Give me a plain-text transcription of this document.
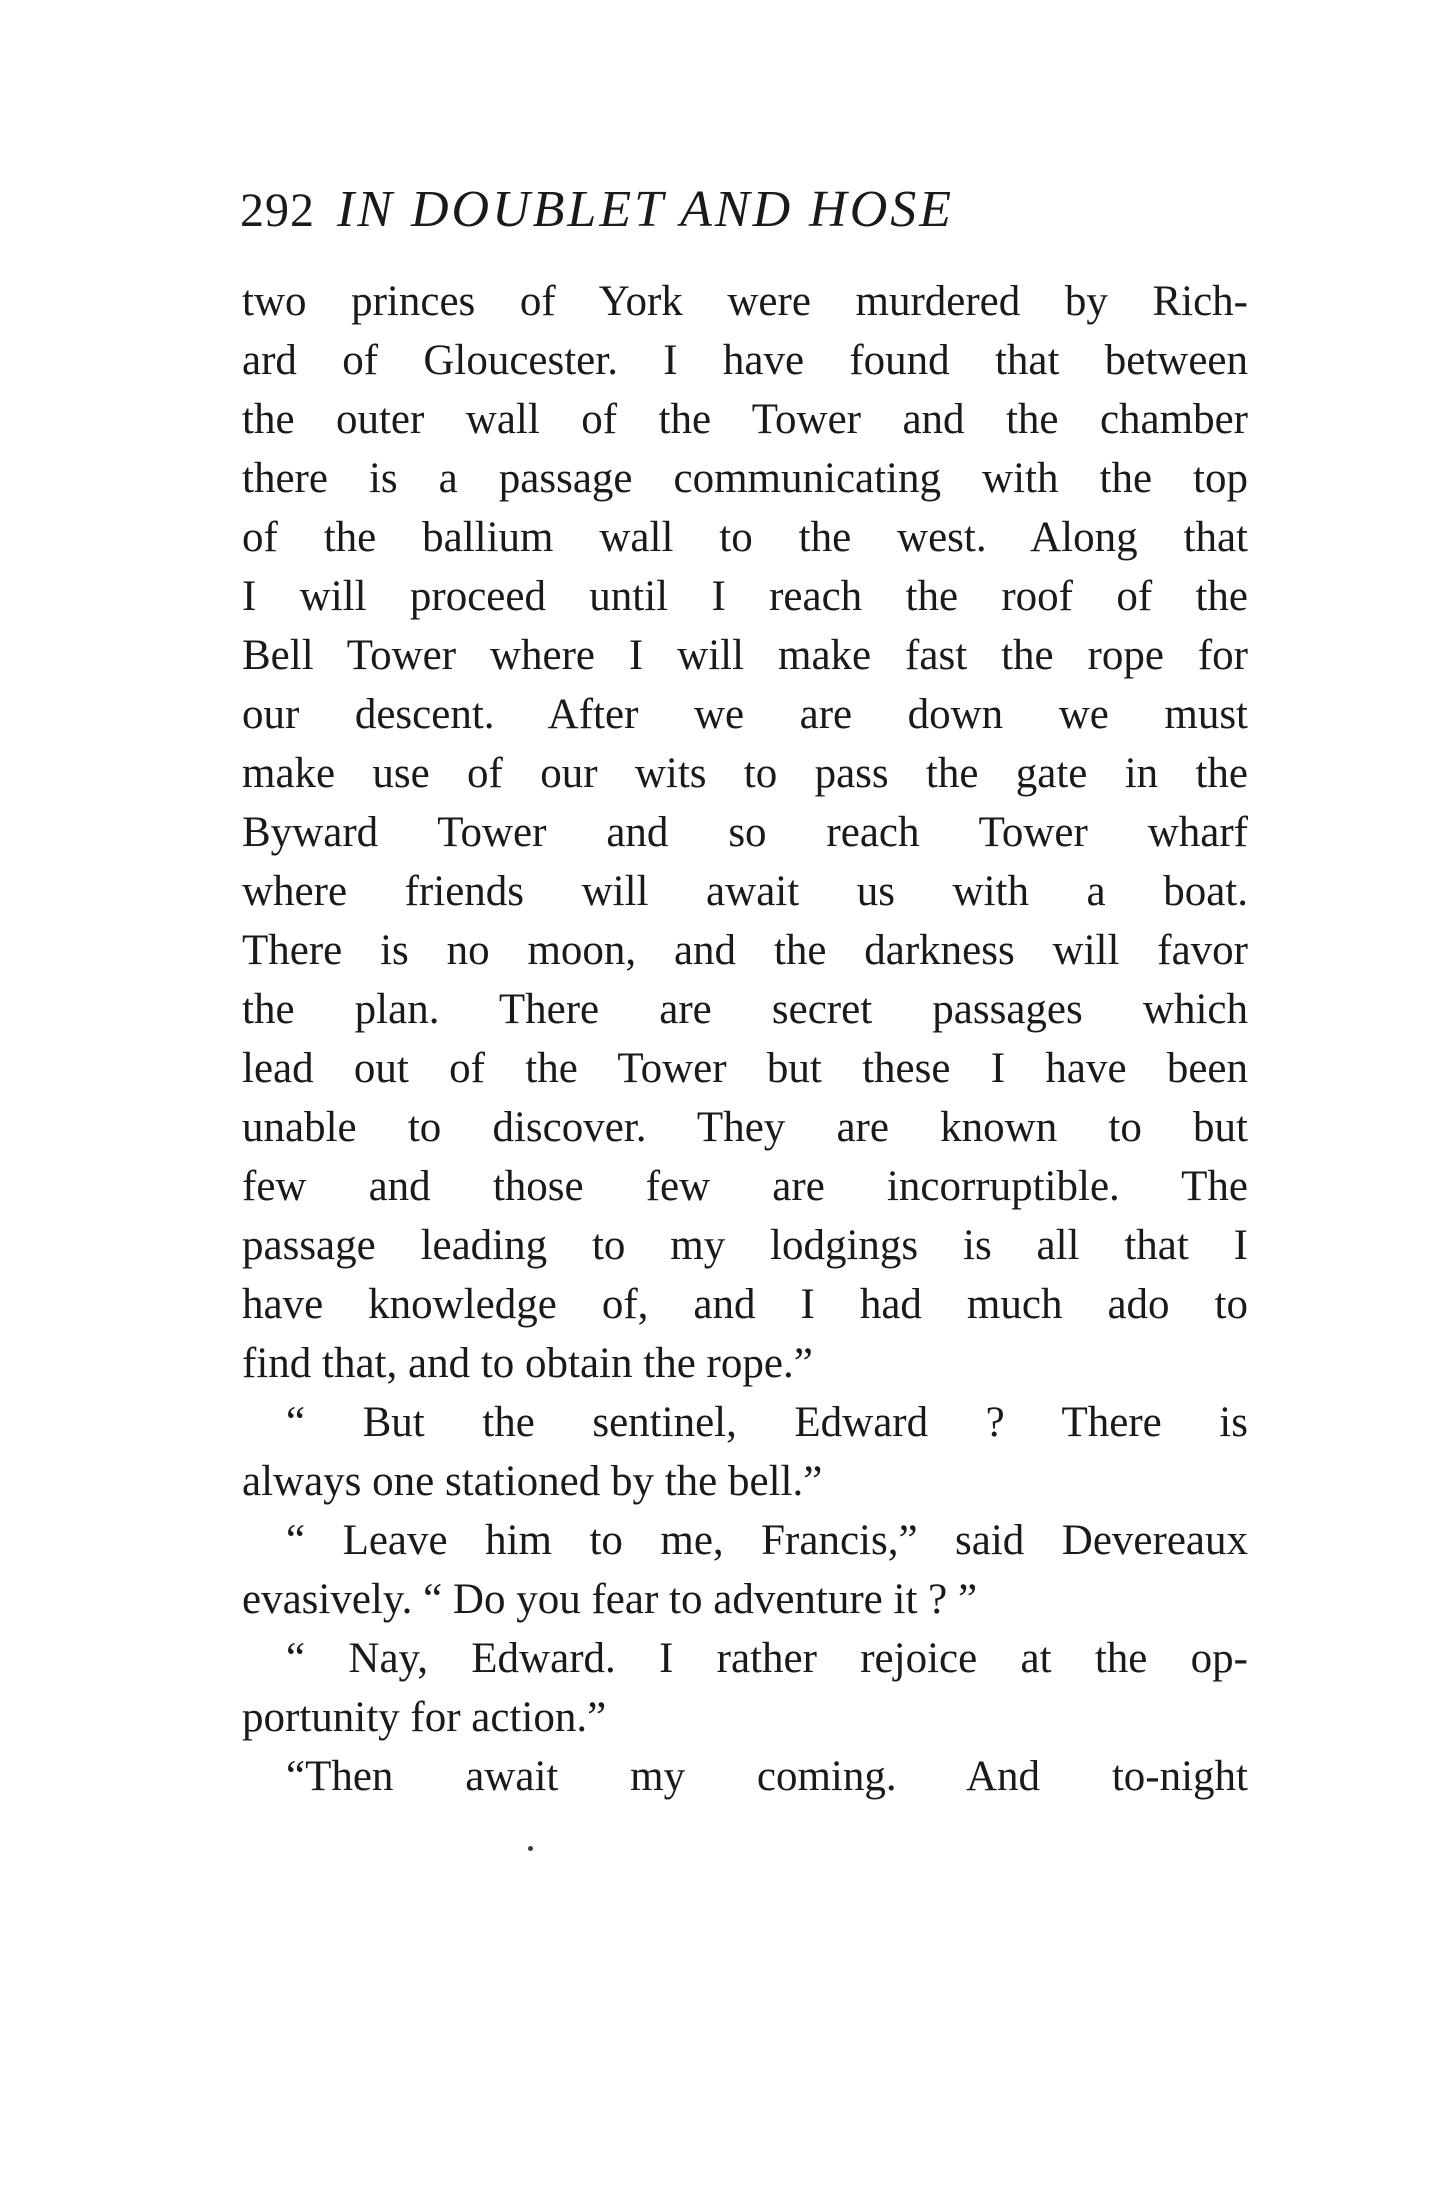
292 IN DOUBLET AND HOSE
two princes of York were murdered by Rich-
ard of Gloucester. I have found that between
the outer wall of the Tower and the chamber
there is a passage communicating with the top
of the ballium wall to the west. Along that
I will proceed until I reach the roof of the
Bell Tower where I will make fast the rope for
our descent. After we are down we must
make use of our wits to pass the gate in the
Byward Tower and so reach Tower wharf
where friends will await us with a boat.
There is no moon, and the darkness will favor
the plan. There are secret passages which
lead out of the Tower but these I have been
unable to discover. They are known to but
few and those few are incorruptible. The
passage leading to my lodgings is all that I
have knowledge of, and I had much ado to
find that, and to obtain the rope.”
“ But the sentinel, Edward ? There is
always one stationed by the bell.”
“ Leave him to me, Francis,” said Devereaux
evasively. “ Do you fear to adventure it ? ”
“ Nay, Edward. I rather rejoice at the op-
portunity for action.”
“Then await my coming. And to-night
